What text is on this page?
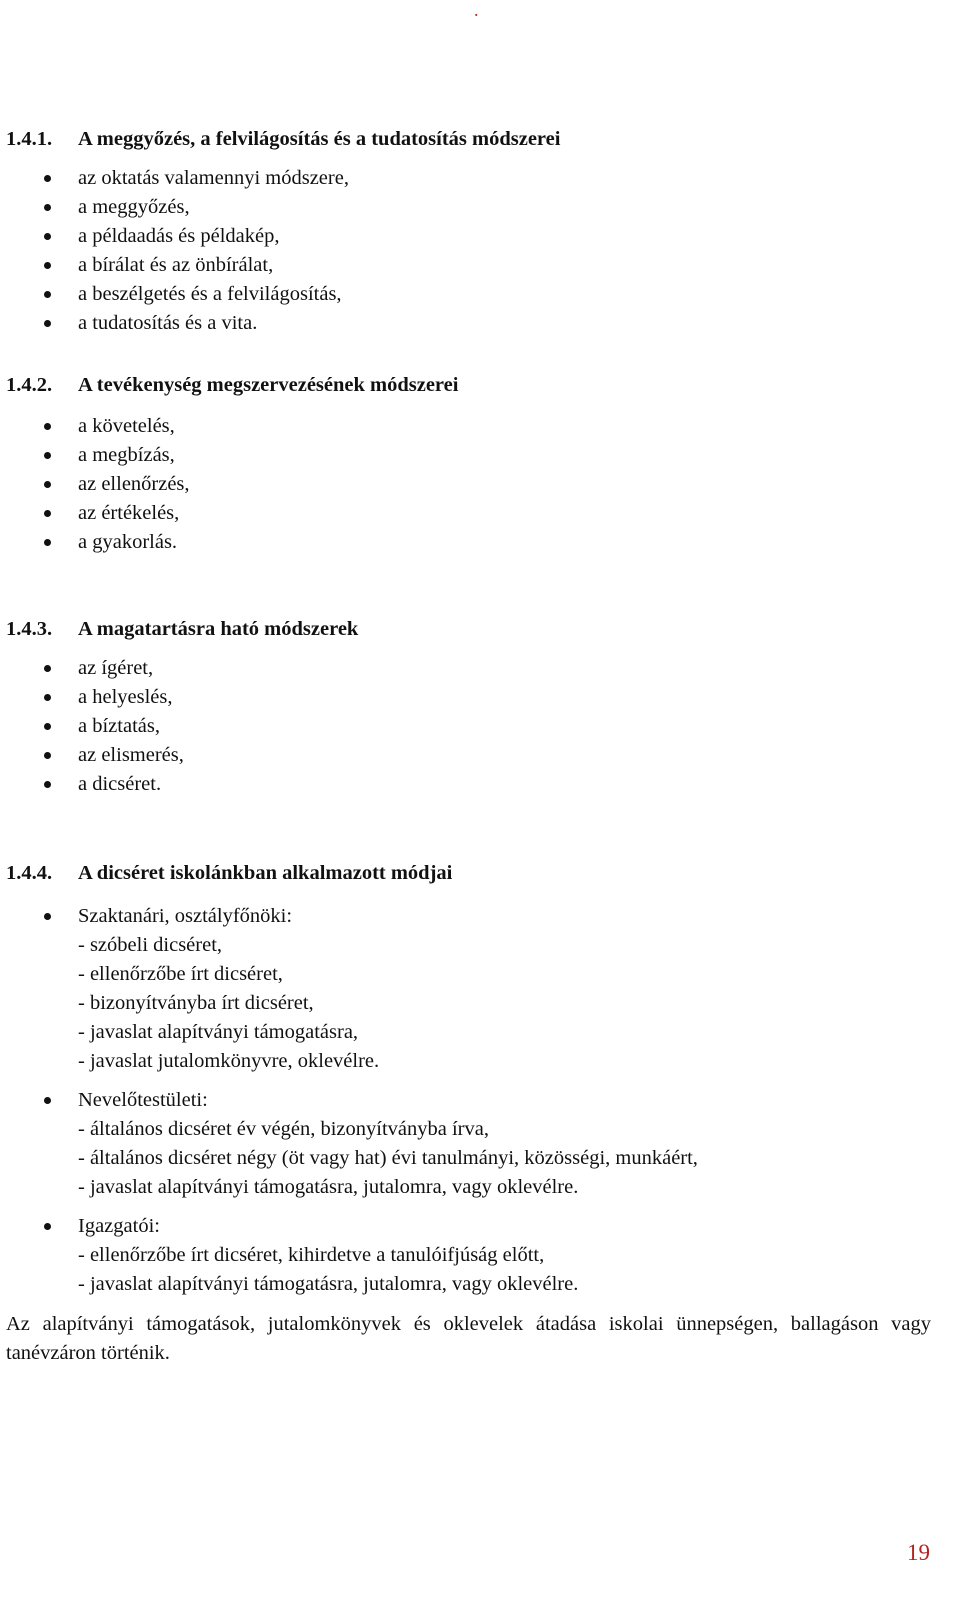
.
1.4.1. A meggyőzés, a felvilágosítás és a tudatosítás módszerei
az oktatás valamennyi módszere,
a meggyőzés,
a példaadás és példakép,
a bírálat és az önbírálat,
a beszélgetés és a felvilágosítás,
a tudatosítás és a vita.
1.4.2. A tevékenység megszervezésének módszerei
a követelés,
a megbízás,
az ellenőrzés,
az értékelés,
a gyakorlás.
1.4.3. A magatartásra ható módszerek
az ígéret,
a helyeslés,
a bíztatás,
az elismerés,
a dicséret.
1.4.4. A dicséret iskolánkban alkalmazott módjai
Szaktanári, osztályfőnöki:
- szóbeli dicséret,
- ellenőrzőbe írt dicséret,
- bizonyítványba írt dicséret,
- javaslat alapítványi támogatásra,
- javaslat jutalomkönyvre, oklevélre.
Nevelőtestületi:
- általános dicséret év végén, bizonyítványba írva,
- általános dicséret négy (öt vagy hat) évi tanulmányi, közösségi, munkáért,
- javaslat alapítványi támogatásra, jutalomra, vagy oklevélre.
Igazgatói:
- ellenőrzőbe írt dicséret, kihirdetve a tanulóifjúság előtt,
- javaslat alapítványi támogatásra, jutalomra, vagy oklevélre.

Az alapítványi támogatások, jutalomkönyvek és oklevelek átadása iskolai ünnepségen, ballagáson vagy tanévzáron történik.

19
